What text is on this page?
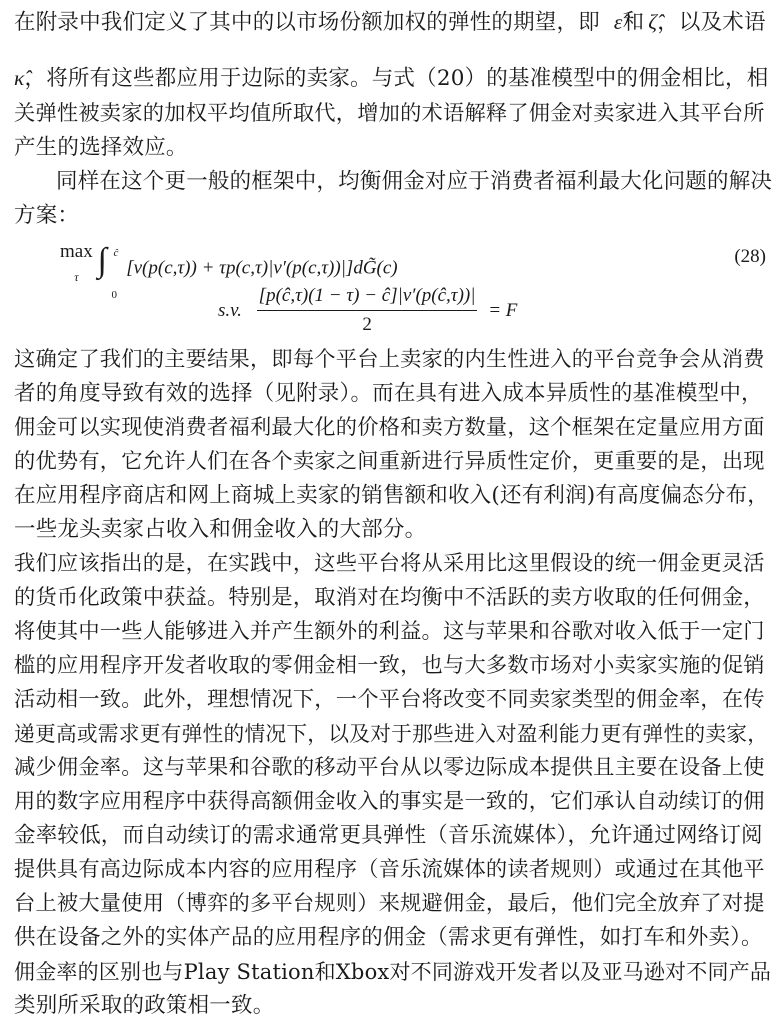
在附录中我们定义了其中的以市场份额加权的弹性的期望，即 ε̂和 ζ̂，以及术语
κ̂，将所有这些都应用于边际的卖家。与式（20）的基准模型中的佣金相比，相
关弹性被卖家的加权平均值所取代，增加的术语解释了佣金对卖家进入其平台所
产生的选择效应。
同样在这个更一般的框架中，均衡佣金对应于消费者福利最大化问题的解决
方案：
max
τ ∫ ĉ
0
[v(p(c,τ)) + τp(c,τ)|v′(p(c,τ))|]dG̃(c)
(28)
s.v. $\frac{[p(ĉ,\tau)(1 - \tau) - ĉ]|v'(p(ĉ,\tau))|}{2} = F$
这确定了我们的主要结果，即每个平台上卖家的内生性进入的平台竞争会从消费
者的角度导致有效的选择（见附录）。而在具有进入成本异质性的基准模型中，
佣金可以实现使消费者福利最大化的价格和卖方数量，这个框架在定量应用方面
的优势有，它允许人们在各个卖家之间重新进行异质性定价，更重要的是，出现
在应用程序商店和网上商城上卖家的销售额和收入(还有利润)有高度偏态分布，
一些龙头卖家占收入和佣金收入的大部分。
我们应该指出的是，在实践中，这些平台将从采用比这里假设的统一佣金更灵活
的货币化政策中获益。特别是，取消对在均衡中不活跃的卖方收取的任何佣金，
将使其中一些人能够进入并产生额外的利益。这与苹果和谷歌对收入低于一定门
槛的应用程序开发者收取的零佣金相一致，也与大多数市场对小卖家实施的促销
活动相一致。此外，理想情况下，一个平台将改变不同卖家类型的佣金率，在传
递更高或需求更有弹性的情况下，以及对于那些进入对盈利能力更有弹性的卖家，
减少佣金率。这与苹果和谷歌的移动平台从以零边际成本提供且主要在设备上使
用的数字应用程序中获得高额佣金收入的事实是一致的，它们承认自动续订的佣
金率较低，而自动续订的需求通常更具弹性（音乐流媒体），允许通过网络订阅
提供具有高边际成本内容的应用程序（音乐流媒体的读者规则）或通过在其他平
台上被大量使用（博弈的多平台规则）来规避佣金，最后，他们完全放弃了对提
供在设备之外的实体产品的应用程序的佣金（需求更有弹性，如打车和外卖）。
佣金率的区别也与Play Station和Xbox对不同游戏开发者以及亚马逊对不同产品
类别所采取的政策相一致。
